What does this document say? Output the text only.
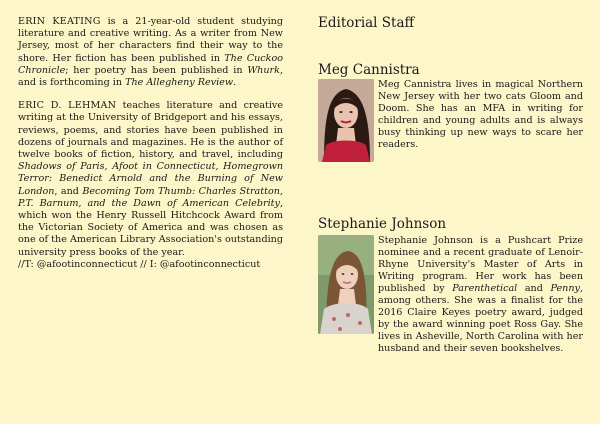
ERIN KEATING is a 21-year-old student studying literature and creative writing. As a writer from New Jersey, most of her characters find their way to the shore. Her fiction has been published in The Cuckoo Chronicle; her poetry has been published in Whurk, and is forthcoming in The Allegheny Review.

ERIC D. LEHMAN teaches literature and creative writing at the University of Bridgeport and his essays, reviews, poems, and stories have been published in dozens of journals and magazines. He is the author of twelve books of fiction, history, and travel, including Shadows of Paris, Afoot in Connecticut, Homegrown Terror: Benedict Arnold and the Burning of New London, and Becoming Tom Thumb: Charles Stratton, P.T. Barnum, and the Dawn of American Celebrity, which won the Henry Russell Hitchcock Award from the Victorian Society of America and was chosen as one of the American Library Association's outstanding university press books of the year.

//T: @afootinconnecticut // I: @afootinconnecticut
Editorial Staff
Meg Cannistra
Meg Cannistra lives in magical Northern New Jersey with her two cats Gloom and Doom. She has an MFA in writing for children and young adults and is always busy thinking up new ways to scare her readers.
Stephanie Johnson
Stephanie Johnson is a Pushcart Prize nominee and a recent graduate of Lenoir-Rhyne University's Master of Arts in Writing program. Her work has been published by Parenthetical and Penny, among others. She was a finalist for the 2016 Claire Keyes poetry award, judged by the award winning poet Ross Gay. She lives in Asheville, North Carolina with her husband and their seven bookshelves.
